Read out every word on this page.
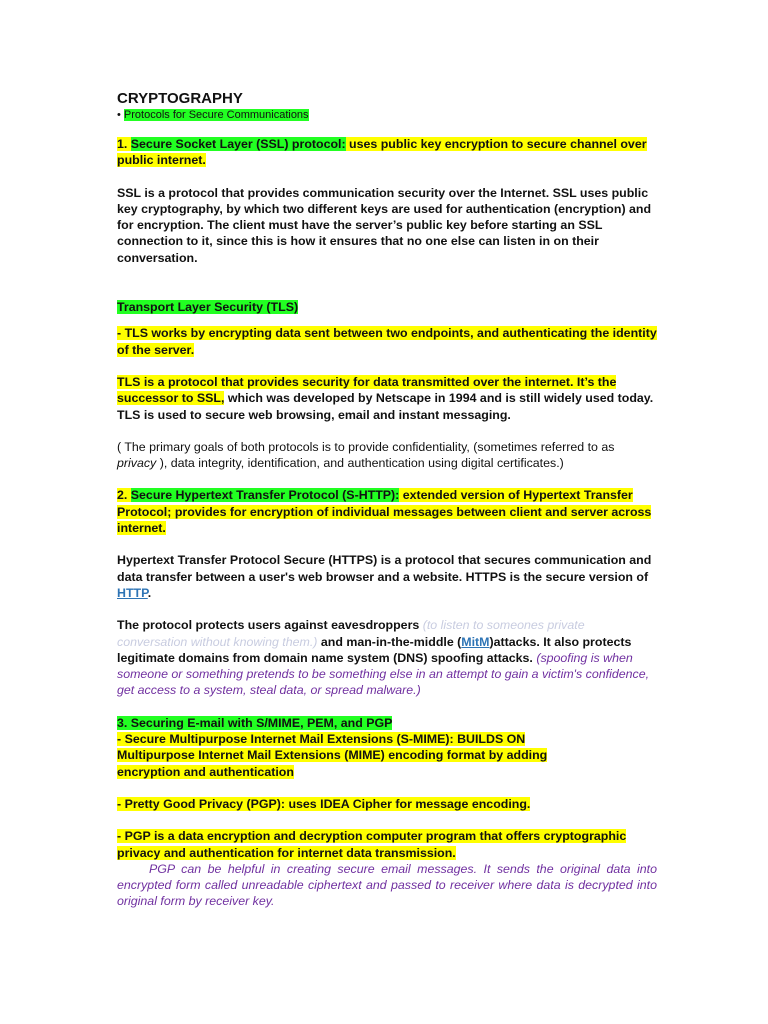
CRYPTOGRAPHY

• Protocols for Secure Communications

1. Secure Socket Layer (SSL) protocol: uses public key encryption to secure channel over public internet.

SSL is a protocol that provides communication security over the Internet. SSL uses public key cryptography, by which two different keys are used for authentication (encryption) and for encryption. The client must have the server’s public key before starting an SSL connection to it, since this is how it ensures that no one else can listen in on their conversation.

Transport Layer Security (TLS)

- TLS works by encrypting data sent between two endpoints, and authenticating the identity of the server.

TLS is a protocol that provides security for data transmitted over the internet. It’s the successor to SSL, which was developed by Netscape in 1994 and is still widely used today. TLS is used to secure web browsing, email and instant messaging.

( The primary goals of both protocols is to provide confidentiality, (sometimes referred to as privacy ), data integrity, identification, and authentication using digital certificates.)

2. Secure Hypertext Transfer Protocol (S-HTTP): extended version of Hypertext Transfer Protocol; provides for encryption of individual messages between client and server across internet.

Hypertext Transfer Protocol Secure (HTTPS) is a protocol that secures communication and data transfer between a user's web browser and a website. HTTPS is the secure version of HTTP.

The protocol protects users against eavesdroppers (to listen to someones private conversation without knowing them.) and man-in-the-middle (MitM)attacks. It also protects legitimate domains from domain name system (DNS) spoofing attacks. (spoofing is when someone or something pretends to be something else in an attempt to gain a victim's confidence, get access to a system, steal data, or spread malware.)

3. Securing E-mail with S/MIME, PEM, and PGP

- Secure Multipurpose Internet Mail Extensions (S-MIME): BUILDS ON Multipurpose Internet Mail Extensions (MIME) encoding format by adding encryption and authentication

- Pretty Good Privacy (PGP): uses IDEA Cipher for message encoding.

- PGP is a data encryption and decryption computer program that offers cryptographic privacy and authentication for internet data transmission.

PGP can be helpful in creating secure email messages. It sends the original data into encrypted form called unreadable ciphertext and passed to receiver where data is decrypted into original form by receiver key.
